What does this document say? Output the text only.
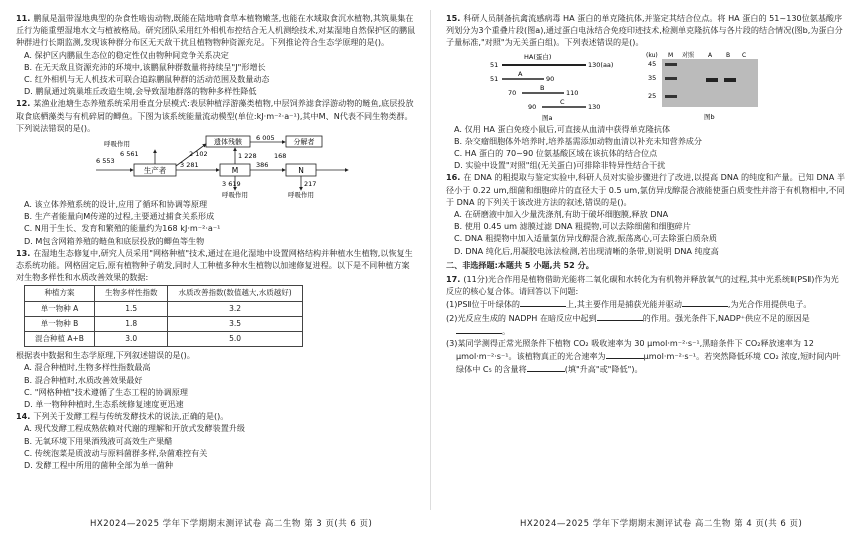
11. 鹏鼠是温带湿地典型的杂食性啮齿动物,既能在陆地啃食草本植物嫩茎,也能在水域取食沉水植物,其筑巢集在丘行为能重塑湿地水文与植被格局。研究团队采用红外相机布控结合无人机测绘技术,对某湿地自然保护区的鹏鼠种群进行长期监测,发现该种群分布区无天敌干扰且植物物种资源充足。下列推论符合生态学原理的是()。

A. 保护区内鹏鼠生态位的稳定性仅由物种间竞争关系决定

B. 在无天敌且资源充沛的环境中,该鹏鼠种群数量将持续呈"J"形增长

C. 红外相机与无人机技术可联合追踪鹏鼠种群的活动范围及数量动态

D. 鹏鼠通过筑巢堆丘改造生境,会导致湿地群落的物种多样性降低

12. 某渔业池塘生态养殖系统采用垂直分层模式:表层种植浮游藻类植物,中层饲养滤食浮游动物的鲢鱼,底层投放取食底栖藻类与有机碎屑的鲫鱼。下图为该系统能量流动模型(单位:kJ·m⁻²·a⁻¹),其中M、N代表不同生物类群。下列说法错误的是()。

生产者	M	N
遗体残骸	分解者
呼吸作用
6 553
6 561
3 281
2 102
6 005
1 228	168
386
3 619	217
呼吸作用	呼吸作用

A. 该立体养殖系统的设计,应用了循环和协调等原理

B. 生产者能量向M传递的过程,主要通过捕食关系形成

C. N用于生长、发育和繁殖的能量约为168 kJ·m⁻²·a⁻¹

D. M包含网箱养殖的鲢鱼和底层投放的鲫鱼等生物

13. 在湿地生态修复中,研究人员采用"网格种植"技术,通过在退化湿地中设置网格结构并种植水生植物,以恢复生态系统功能。网格固定后,原有植物种子萌发,同时人工种植多种水生植物以加速修复进程。以下是不同种植方案对生物多样性和水质改善效果的数据:

种植方案	生物多样性指数	水质改善指数(数值越大,水质越好)
单一物种 A	1.5	3.2
单一物种 B	1.8	3.5
混合种植 A+B	3.0	5.0

根据表中数据和生态学原理,下列叙述错误的是()。

A. 混合种植时,生物多样性指数最高

B. 混合种植时,水质改善效果最好

C. "网格种植"技术遵循了生态工程的协调原理

D. 单一物种种植时,生态系统修复速度更迅速

14. 下列关于发酵工程与传统发酵技术的说法,正确的是()。

A. 现代发酵工程成熟依赖对代谢的理解和开放式发酵装置升级

B. 无氧环境下用果酒残液可高效生产果醋

C. 传统泡菜是质波动与原料菌群多样,杂菌难控有关

D. 发酵工程中所用的菌种全部为单一菌种

HX2024—2025 学年下学期期末测评试卷 高二生物 第 3 页(共 6 页)

15. 科研人员制备抗禽流感病毒 HA 蛋白的单克隆抗体,并鉴定其结合位点。将 HA 蛋白的 51~130位氨基酸序列划分为3个重叠片段(图a),通过蛋白电泳结合免疫印迹技术,检测单克隆抗体与各片段的结合情况(图b,为蛋白分子量标准,"对照"为无关蛋白组)。下列表述错误的是()。

HA(蛋白)
51	130(aa)
51
A
90
70
B
110
90
C
130
图a
(ku)
45
35
25
M 对照 A B C
图b

A. 仅用 HA 蛋白免疫小鼠后,可直接从血清中获得单克隆抗体

B. 杂交瘤细胞体外培养时,培养基需添加动物血清以补充未知营养成分

C. HA 蛋白的 70~90 位氨基酸区域在该抗体的结合位点

D. 实验中设置"对照"组(无关蛋白)可排除非特异性结合干扰

16. 在 DNA 的粗提取与鉴定实验中,科研人员对实验步骤进行了改进,以提高 DNA 的纯度和产量。已知 DNA 半径小于 0.22 um,细菌和细胞碎片的直径大于 0.5 um,氯仿异戊醇混合液能使蛋白质变性并溶于有机物相中,不同于 DNA 的下列关于该改进方法的叙述,错误的是()。

A. 在研磨液中加入少量洗涤剂,有助于破坏细胞膜,释放 DNA

B. 使用 0.45 um 滤膜过滤 DNA 粗提物,可以去除细菌和细胞碎片

C. DNA 粗提物中加入适量氯仿异戊醇混合液,振荡离心,可去除蛋白质杂质

D. DNA 纯化后,用凝胶电泳法检测,若出现清晰的条带,则说明 DNA 纯度高

二、非选择题:本题共 5 小题,共 52 分。

17. (11分)光合作用是植物借助光能将二氧化碳和水转化为有机物并释放氧气的过程,其中光系统Ⅱ(PSⅡ)作为光反应的核心复合体。请回答以下问题:

(1)PSⅡ位于叶绿体的	上,其主要作用是捕获光能并驱动	,为光合作用提供电子。

(2)光反应生成的 NADPH 在暗反应中起到	的作用。强光条件下,NADP⁺供应不足的原因是。

(3)某同学测得正常光照条件下植物 CO₂ 吸收速率为 30 μmol·m⁻²·s⁻¹,黑暗条件下 CO₂释放速率为 12 μmol·m⁻²·s⁻¹。该植物真正的光合速率为	μmol·m⁻²·s⁻¹。若突然降低环境 CO₂ 浓度,短时间内叶绿体中 C₅ 的含量将	(填"升高"或"降低")。

HX2024—2025 学年下学期期末测评试卷 高二生物 第 4 页(共 6 页)
